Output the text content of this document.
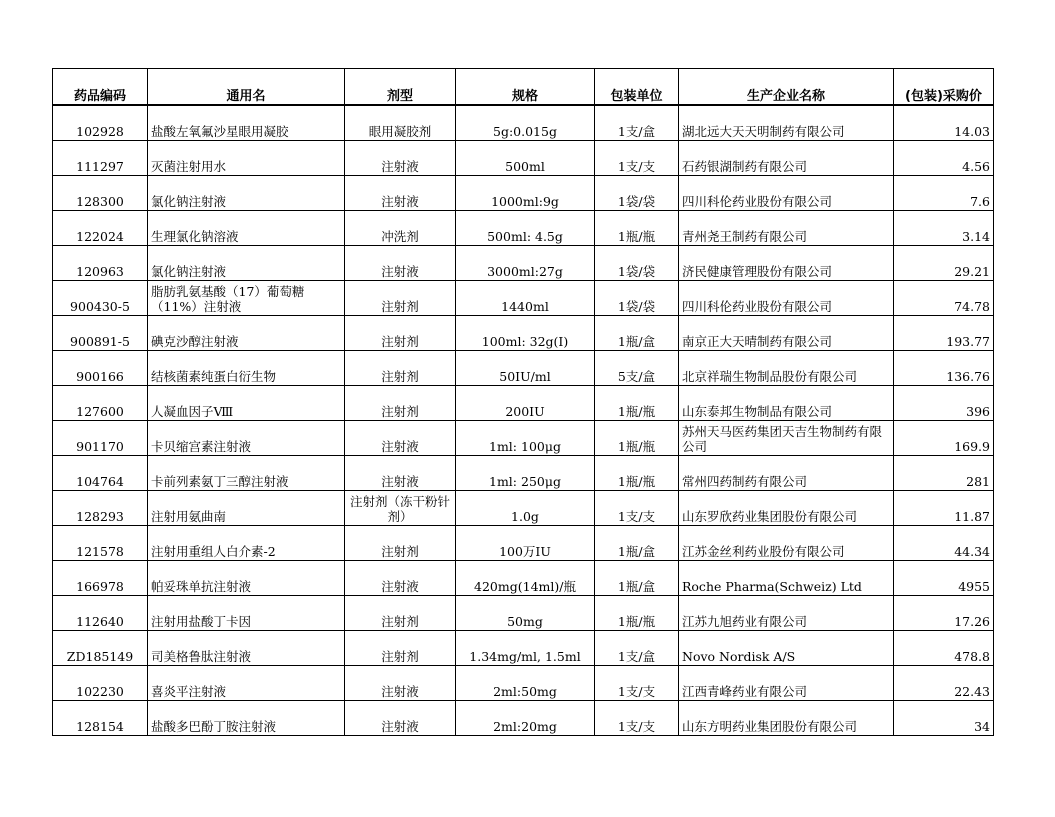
药品编码	通用名	剂型	规格	包装单位	生产企业名称	(包装)采购价
102928	盐酸左氧氟沙星眼用凝胶	眼用凝胶剂	5g:0.015g	1支/盒	湖北远大天天明制药有限公司	14.03
111297	灭菌注射用水	注射液	500ml	1支/支	石药银湖制药有限公司	4.56
128300	氯化钠注射液	注射液	1000ml:9g	1袋/袋	四川科伦药业股份有限公司	7.6
122024	生理氯化钠溶液	冲洗剂	500ml: 4.5g	1瓶/瓶	青州尧王制药有限公司	3.14
120963	氯化钠注射液	注射液	3000ml:27g	1袋/袋	济民健康管理股份有限公司	29.21
900430-5	脂肪乳氨基酸（17）葡萄糖（11%）注射液	注射剂	1440ml	1袋/袋	四川科伦药业股份有限公司	74.78
900891-5	碘克沙醇注射液	注射剂	100ml: 32g(I)	1瓶/盒	南京正大天晴制药有限公司	193.77
900166	结核菌素纯蛋白衍生物	注射剂	50IU/ml	5支/盒	北京祥瑞生物制品股份有限公司	136.76
127600	人凝血因子Ⅷ	注射剂	200IU	1瓶/瓶	山东泰邦生物制品有限公司	396
901170	卡贝缩宫素注射液	注射液	1ml: 100μg	1瓶/瓶	苏州天马医药集团天吉生物制药有限公司	169.9
104764	卡前列素氨丁三醇注射液	注射液	1ml: 250μg	1瓶/瓶	常州四药制药有限公司	281
128293	注射用氨曲南	注射剂（冻干粉针剂）	1.0g	1支/支	山东罗欣药业集团股份有限公司	11.87
121578	注射用重组人白介素-2	注射剂	100万IU	1瓶/盒	江苏金丝利药业股份有限公司	44.34
166978	帕妥珠单抗注射液	注射液	420mg(14ml)/瓶	1瓶/盒	Roche Pharma(Schweiz) Ltd	4955
112640	注射用盐酸丁卡因	注射剂	50mg	1瓶/瓶	江苏九旭药业有限公司	17.26
ZD185149	司美格鲁肽注射液	注射剂	1.34mg/ml, 1.5ml	1支/盒	Novo Nordisk A/S	478.8
102230	喜炎平注射液	注射液	2ml:50mg	1支/支	江西青峰药业有限公司	22.43
128154	盐酸多巴酚丁胺注射液	注射液	2ml:20mg	1支/支	山东方明药业集团股份有限公司	34
